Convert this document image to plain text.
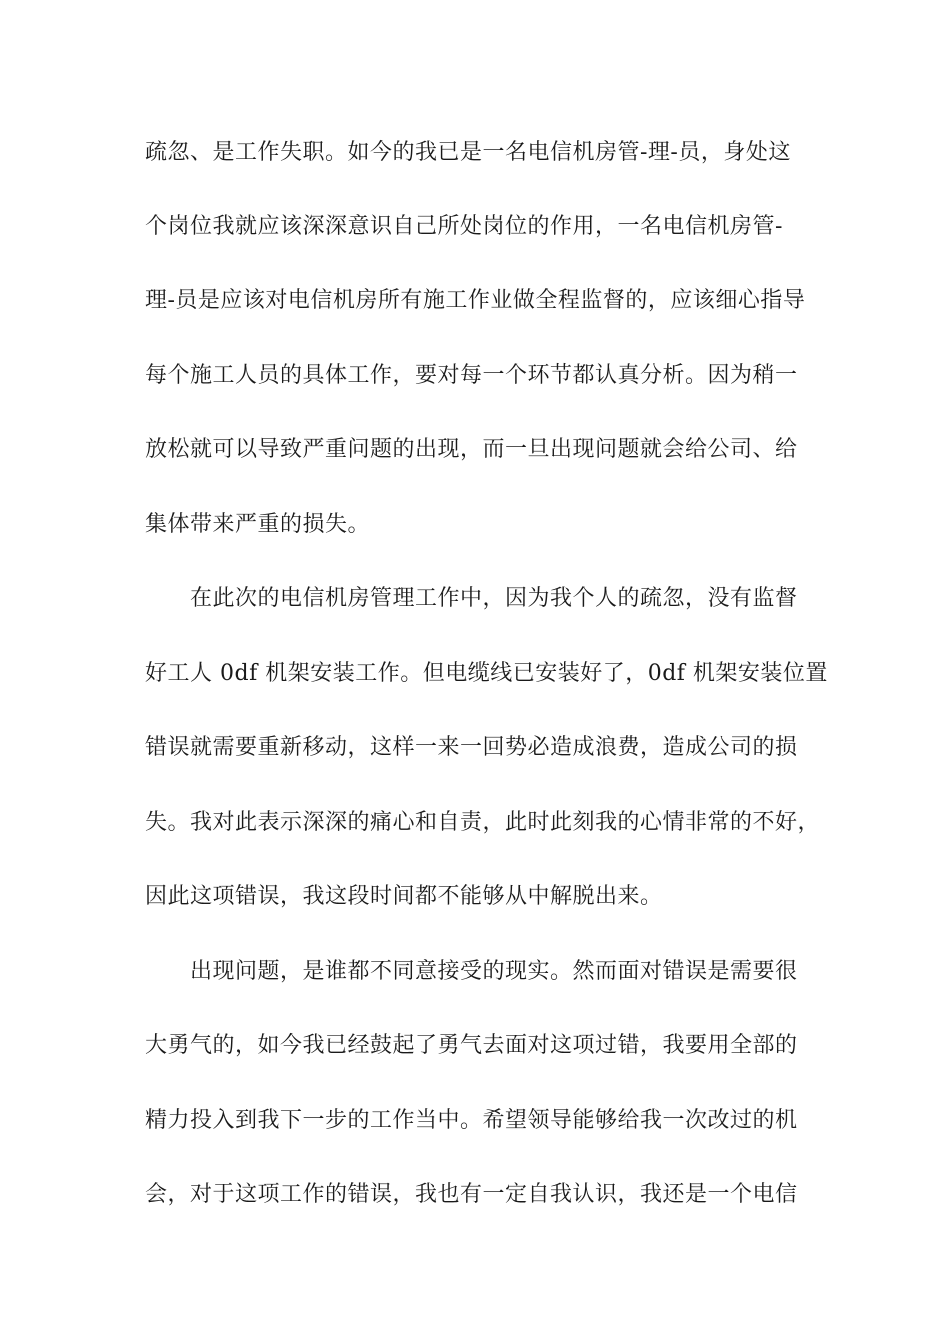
疏忽、是工作失职。如今的我已是一名电信机房管-理-员，身处这
个岗位我就应该深深意识自己所处岗位的作用，一名电信机房管-
理-员是应该对电信机房所有施工作业做全程监督的，应该细心指导
每个施工人员的具体工作，要对每一个环节都认真分析。因为稍一
放松就可以导致严重问题的出现，而一旦出现问题就会给公司、给
集体带来严重的损失。
在此次的电信机房管理工作中，因为我个人的疏忽，没有监督
好工人 0df 机架安装工作。但电缆线已安装好了，0df 机架安装位置
错误就需要重新移动，这样一来一回势必造成浪费，造成公司的损
失。我对此表示深深的痛心和自责，此时此刻我的心情非常的不好，
因此这项错误，我这段时间都不能够从中解脱出来。
出现问题，是谁都不同意接受的现实。然而面对错误是需要很
大勇气的，如今我已经鼓起了勇气去面对这项过错，我要用全部的
精力投入到我下一步的工作当中。希望领导能够给我一次改过的机
会，对于这项工作的错误，我也有一定自我认识，我还是一个电信
